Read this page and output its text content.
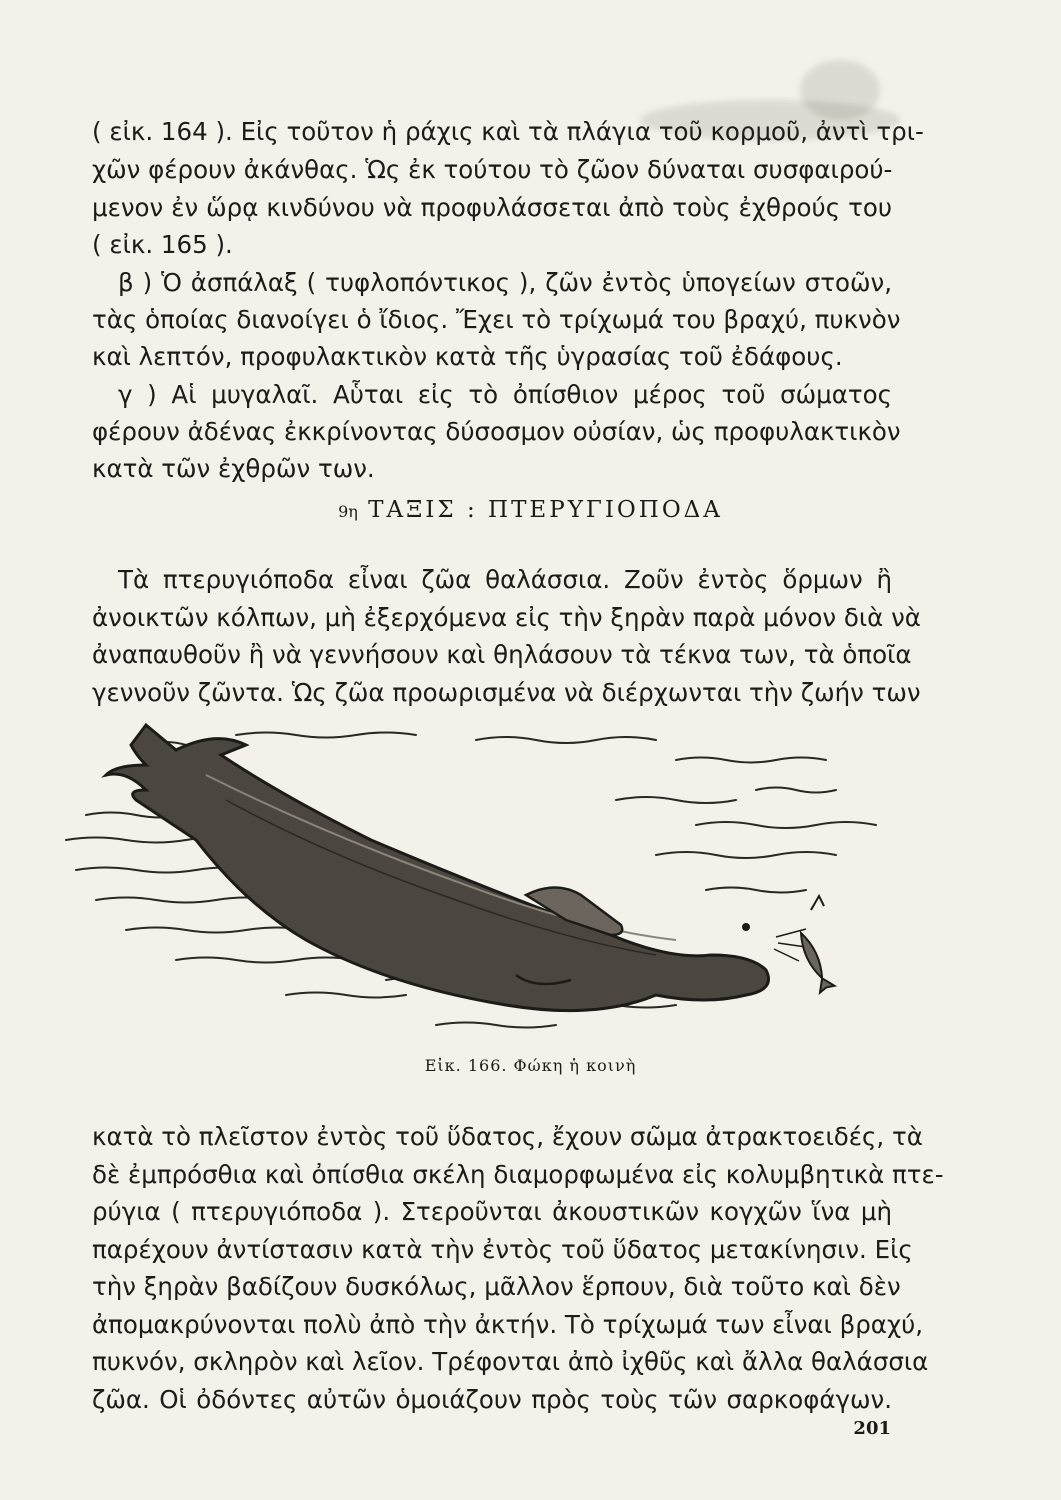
( εἰκ. 164 ). Εἰς τοῦτον ἡ ράχις καὶ τὰ πλάγια τοῦ κορμοῦ, ἀντὶ τρι-
χῶν φέρουν ἀκάνθας. Ὡς ἐκ τούτου τὸ ζῶον δύναται συσφαιρού-
μενον ἐν ὥρᾳ κινδύνου νὰ προφυλάσσεται ἀπὸ τοὺς ἐχθρούς του
( εἰκ. 165 ).
β ) Ὁ ἀσπάλαξ ( τυφλοπόντικος ), ζῶν ἐντὸς ὑπογείων στοῶν,
τὰς ὁποίας διανοίγει ὁ ἴδιος. Ἔχει τὸ τρίχωμά του βραχύ, πυκνὸν
καὶ λεπτόν, προφυλακτικὸν κατὰ τῆς ὑγρασίας τοῦ ἐδάφους.
γ ) Αἱ μυγαλαῖ. Αὗται εἰς τὸ ὀπίσθιον μέρος τοῦ σώματος
φέρουν ἀδένας ἐκκρίνοντας δύσοσμον οὐσίαν, ὡς προφυλακτικὸν
κατὰ τῶν ἐχθρῶν των.
9η ΤΑΞΙΣ : ΠΤΕΡΥΓΙΟΠΟΔΑ
Τὰ πτερυγιόποδα εἶναι ζῶα θαλάσσια. Ζοῦν ἐντὸς ὅρμων ἢ
ἀνοικτῶν κόλπων, μὴ ἐξερχόμενα εἰς τὴν ξηρὰν παρὰ μόνον διὰ νὰ
ἀναπαυθοῦν ἢ νὰ γεννήσουν καὶ θηλάσουν τὰ τέκνα των, τὰ ὁποῖα
γεννοῦν ζῶντα. Ὡς ζῶα προωρισμένα νὰ διέρχωνται τὴν ζωήν των
Εἰκ. 166. Φώκη ἡ κοινὴ
κατὰ τὸ πλεῖστον ἐντὸς τοῦ ὕδατος, ἔχουν σῶμα ἀτρακτοειδές, τὰ
δὲ ἐμπρόσθια καὶ ὀπίσθια σκέλη διαμορφωμένα εἰς κολυμβητικὰ πτε-
ρύγια ( πτερυγιόποδα ). Στεροῦνται ἀκουστικῶν κογχῶν ἵνα μὴ
παρέχουν ἀντίστασιν κατὰ τὴν ἐντὸς τοῦ ὕδατος μετακίνησιν. Εἰς
τὴν ξηρὰν βαδίζουν δυσκόλως, μᾶλλον ἕρπουν, διὰ τοῦτο καὶ δὲν
ἀπομακρύνονται πολὺ ἀπὸ τὴν ἀκτήν. Τὸ τρίχωμά των εἶναι βραχύ,
πυκνόν, σκληρὸν καὶ λεῖον. Τρέφονται ἀπὸ ἰχθῦς καὶ ἄλλα θαλάσσια
ζῶα. Οἱ ὀδόντες αὐτῶν ὁμοιάζουν πρὸς τοὺς τῶν σαρκοφάγων.
201
